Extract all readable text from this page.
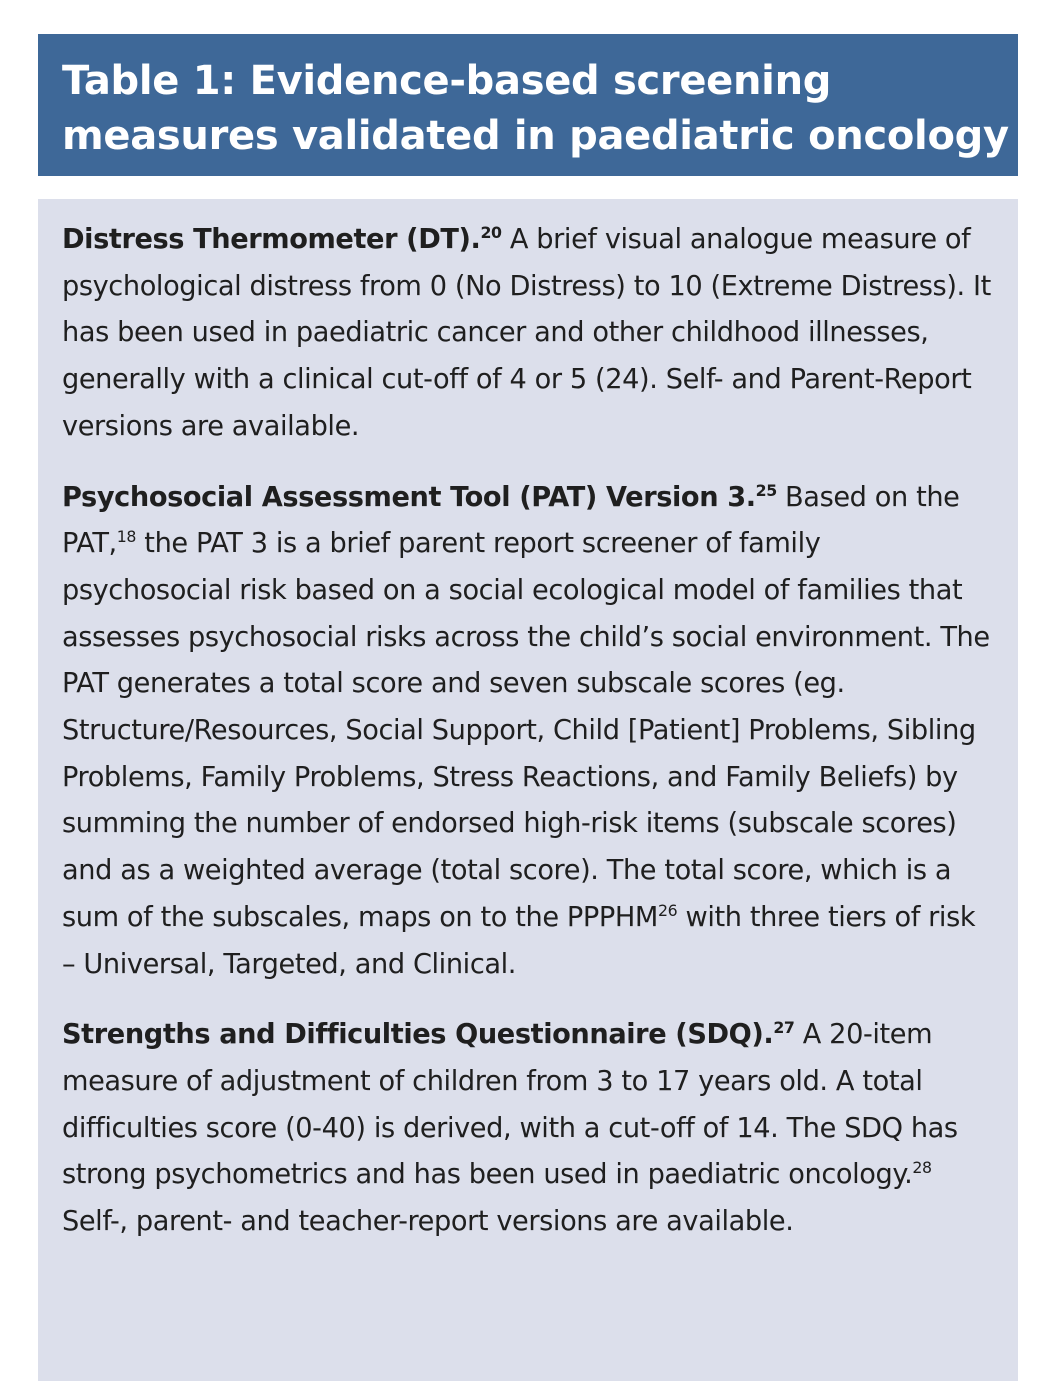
Table 1: Evidence-based screening
measures validated in paediatric oncology

Distress Thermometer (DT).$^{20}$ A brief visual analogue measure of psychological distress from 0 (No Distress) to 10 (Extreme Distress). It has been used in paediatric cancer and other childhood illnesses, generally with a clinical cut-off of 4 or 5 (24). Self- and Parent-Report versions are available.

Psychosocial Assessment Tool (PAT) Version 3.25 Based on the PAT,$^{18}$ the PAT 3 is a brief parent report screener of family psychosocial risk based on a social ecological model of families that assesses psychosocial risks across the child’s social environment. The PAT generates a total score and seven subscale scores (eg. Structure/Resources, Social Support, Child [Patient] Problems, Sibling Problems, Family Problems, Stress Reactions, and Family Beliefs) by summing the number of endorsed high-risk items (subscale scores) and as a weighted average (total score). The total score, which is a sum of the subscales, maps on to the PPPHM$^{26}$ with three tiers of risk – Universal, Targeted, and Clinical.

Strengths and Difficulties Questionnaire (SDQ).$^{27}$ A 20-item measure of adjustment of children from 3 to 17 years old. A total difficulties score (0-40) is derived, with a cut-off of 14. The SDQ has strong psychometrics and has been used in paediatric oncology.$^{28}$ Self-, parent- and teacher-report versions are available.
